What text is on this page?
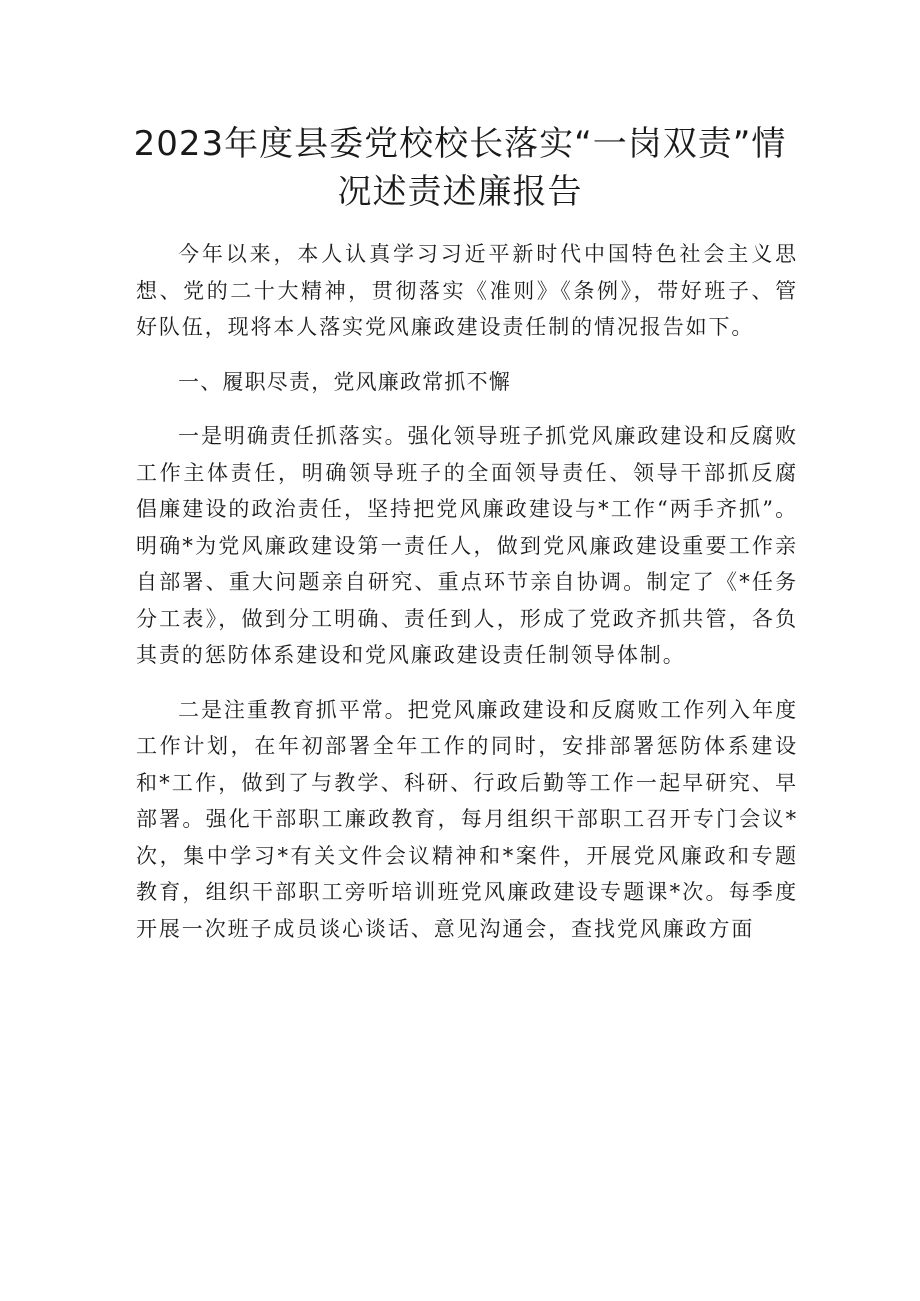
2023年度县委党校校长落实“一岗双责”情况述责述廉报告

今年以来，本人认真学习习近平新时代中国特色社会主义思想、党的二十大精神，贯彻落实《准则》《条例》，带好班子、管好队伍，现将本人落实党风廉政建设责任制的情况报告如下。

一、履职尽责，党风廉政常抓不懈

一是明确责任抓落实。强化领导班子抓党风廉政建设和反腐败工作主体责任，明确领导班子的全面领导责任、领导干部抓反腐倡廉建设的政治责任，坚持把党风廉政建设与*工作“两手齐抓”。明确*为党风廉政建设第一责任人，做到党风廉政建设重要工作亲自部署、重大问题亲自研究、重点环节亲自协调。制定了《*任务分工表》，做到分工明确、责任到人，形成了党政齐抓共管，各负其责的惩防体系建设和党风廉政建设责任制领导体制。

二是注重教育抓平常。把党风廉政建设和反腐败工作列入年度工作计划，在年初部署全年工作的同时，安排部署惩防体系建设和*工作，做到了与教学、科研、行政后勤等工作一起早研究、早部署。强化干部职工廉政教育，每月组织干部职工召开专门会议*次，集中学习*有关文件会议精神和*案件，开展党风廉政和专题教育，组织干部职工旁听培训班党风廉政建设专题课*次。每季度开展一次班子成员谈心谈话、意见沟通会，查找党风廉政方面
